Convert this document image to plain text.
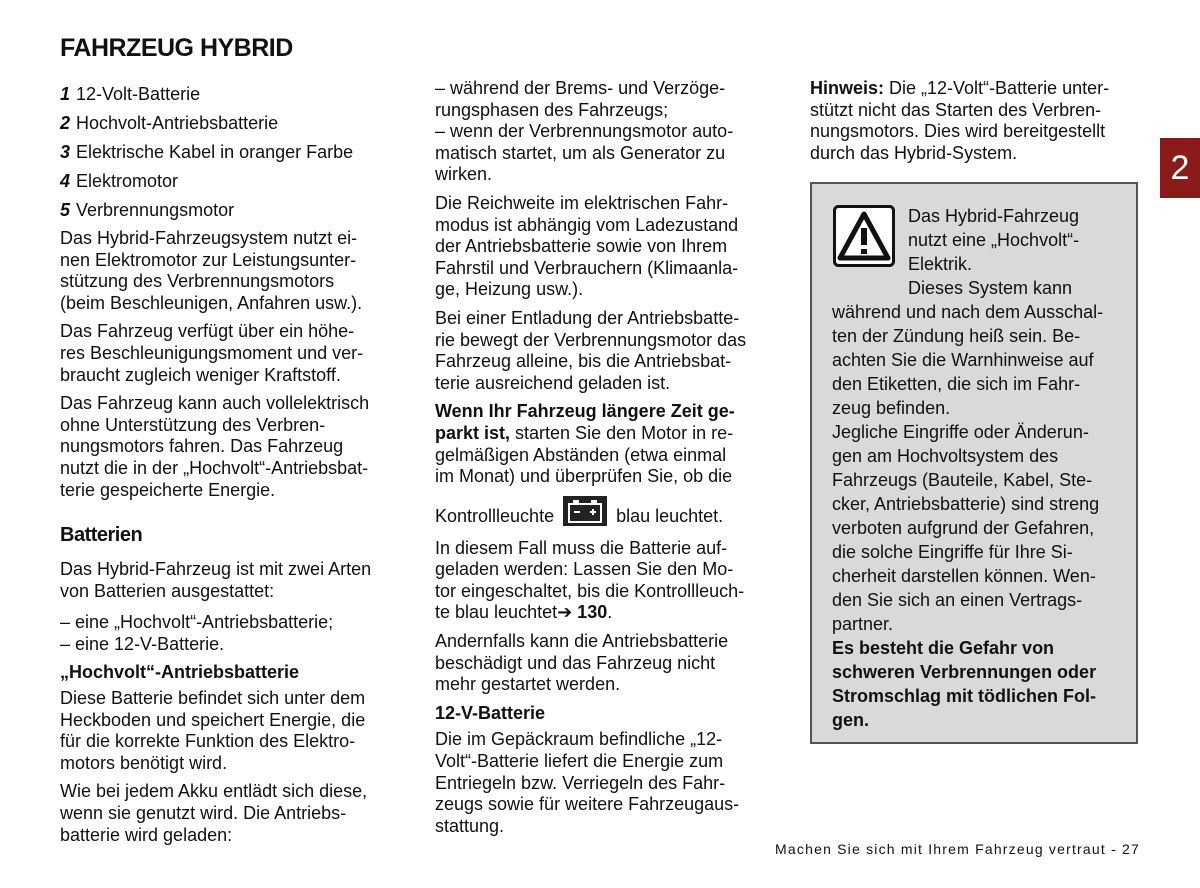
FAHRZEUG HYBRID
1 12-Volt-Batterie
2 Hochvolt-Antriebsbatterie
3 Elektrische Kabel in oranger Farbe
4 Elektromotor
5 Verbrennungsmotor

Das Hybrid-Fahrzeugsystem nutzt ei-
nen Elektromotor zur Leistungsunter-
stützung des Verbrennungsmotors
(beim Beschleunigen, Anfahren usw.).

Das Fahrzeug verfügt über ein höhe-
res Beschleunigungsmoment und ver-
braucht zugleich weniger Kraftstoff.

Das Fahrzeug kann auch vollelektrisch
ohne Unterstützung des Verbren-
nungsmotors fahren. Das Fahrzeug
nutzt die in der „Hochvolt“-Antriebsbat-
terie gespeicherte Energie.

Batterien

Das Hybrid-Fahrzeug ist mit zwei Arten
von Batterien ausgestattet:

– eine „Hochvolt“-Antriebsbatterie;
– eine 12-V-Batterie.
„Hochvolt“-Antriebsbatterie

Diese Batterie befindet sich unter dem
Heckboden und speichert Energie, die
für die korrekte Funktion des Elektro-
motors benötigt wird.

Wie bei jedem Akku entlädt sich diese,
wenn sie genutzt wird. Die Antriebs-
batterie wird geladen:

– während der Brems- und Verzöge-
rungsphasen des Fahrzeugs;
– wenn der Verbrennungsmotor auto-
matisch startet, um als Generator zu
wirken.

Die Reichweite im elektrischen Fahr-
modus ist abhängig vom Ladezustand
der Antriebsbatterie sowie von Ihrem
Fahrstil und Verbrauchern (Klimaanla-
ge, Heizung usw.).

Bei einer Entladung der Antriebsbatte-
rie bewegt der Verbrennungsmotor das
Fahrzeug alleine, bis die Antriebsbat-
terie ausreichend geladen ist.

Wenn Ihr Fahrzeug längere Zeit ge-
parkt ist, starten Sie den Motor in re-
gelmäßigen Abständen (etwa einmal
im Monat) und überprüfen Sie, ob die

Kontrollleuchte	blau leuchtet.

In diesem Fall muss die Batterie auf-
geladen werden: Lassen Sie den Mo-
tor eingeschaltet, bis die Kontrollleuch-
te blau leuchtet➔ 130.

Andernfalls kann die Antriebsbatterie
beschädigt und das Fahrzeug nicht
mehr gestartet werden.

12-V-Batterie

Die im Gepäckraum befindliche „12-
Volt“-Batterie liefert die Energie zum
Entriegeln bzw. Verriegeln des Fahr-
zeugs sowie für weitere Fahrzeugaus-
stattung.

Hinweis: Die „12-Volt“-Batterie unter-
stützt nicht das Starten des Verbren-
nungsmotors. Dies wird bereitgestellt
durch das Hybrid-System.

Das Hybrid-Fahrzeug
nutzt eine „Hochvolt“-
Elektrik.
Dieses System kann
während und nach dem Ausschal-
ten der Zündung heiß sein. Be-
achten Sie die Warnhinweise auf
den Etiketten, die sich im Fahr-
zeug befinden.
Jegliche Eingriffe oder Änderun-
gen am Hochvoltsystem des
Fahrzeugs (Bauteile, Kabel, Ste-
cker, Antriebsbatterie) sind streng
verboten aufgrund der Gefahren,
die solche Eingriffe für Ihre Si-
cherheit darstellen können. Wen-
den Sie sich an einen Vertrags-
partner.
Es besteht die Gefahr von
schweren Verbrennungen oder
Stromschlag mit tödlichen Fol-
gen.
2
Machen Sie sich mit Ihrem Fahrzeug vertraut - 27
